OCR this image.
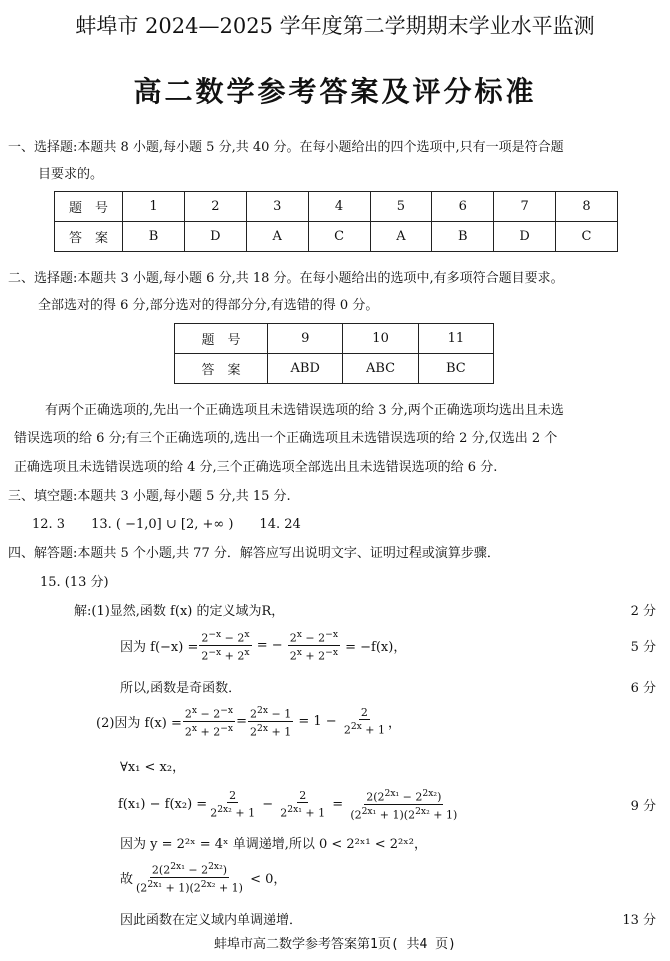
蚌埠市 2024—2025 学年度第二学期期末学业水平监测
高二数学参考答案及评分标准
一、选择题:本题共 8 小题,每小题 5 分,共 40 分。在每小题给出的四个选项中,只有一项是符合题
目要求的。
题　号	1	2	3	4	5	6	7	8
答　案	B	D	A	C	A	B	D	C
二、选择题:本题共 3 小题,每小题 6 分,共 18 分。在每小题给出的选项中,有多项符合题目要求。
全部选对的得 6 分,部分选对的得部分分,有选错的得 0 分。
题　号	9	10	11
答　案	ABD	ABC	BC
有两个正确选项的,先出一个正确选项且未选错误选项的给 3 分,两个正确选项均选出且未选
错误选项的给 6 分;有三个正确选项的,选出一个正确选项且未选错误选项的给 2 分,仅选出 2 个
正确选项且未选错误选项的给 4 分,三个正确选项全部选出且未选错误选项的给 6 分.
三、填空题:本题共 3 小题,每小题 5 分,共 15 分.
12. 3　　13. ( −1,0] ∪ [2, +∞ )　　14. 24
四、解答题:本题共 5 个小题,共 77 分．解答应写出说明文字、证明过程或演算步骤．
15. (13 分)
解:(1)显然,函数 f(x) 的定义域为R，	2 分
因为 $f(-x) = \frac{2^{-x} - 2^x}{2^{-x} + 2^x}$ = − $\frac{2^x - 2^{-x}}{2^x + 2^{-x}} = -f(x)$，	5 分
所以,函数是奇函数．	6 分
(2)因为 $f(x) = \frac{2^x - 2^{-x}}{2^x + 2^{-x}} = \frac{2^{2x} - 1}{2^{2x} + 1} = 1 - \frac{2}{2^{2x} + 1}$ ，
∀x₁ < x₂，
$f(x_1) - f(x_2) = \frac{2}{2^{2x_2} + 1} - \frac{2}{2^{2x_1} + 1} = \frac{2(2^{2x_1} - 2^{2x_2})}{(2^{2x_1} + 1)(2^{2x_2} + 1)}$	9 分
因为 y = 2²ˣ = 4ˣ 单调递增,所以 0 < 2²ˣ¹ < 2²ˣ²，
故 $\frac{2(2^{2x_1} - 2^{2x_2})}{(2^{2x_1} + 1)(2^{2x_2} + 1)} < 0$，
因此函数在定义域内单调递增．	13 分
蚌埠市高二数学参考答案第1页( 共4 页)
